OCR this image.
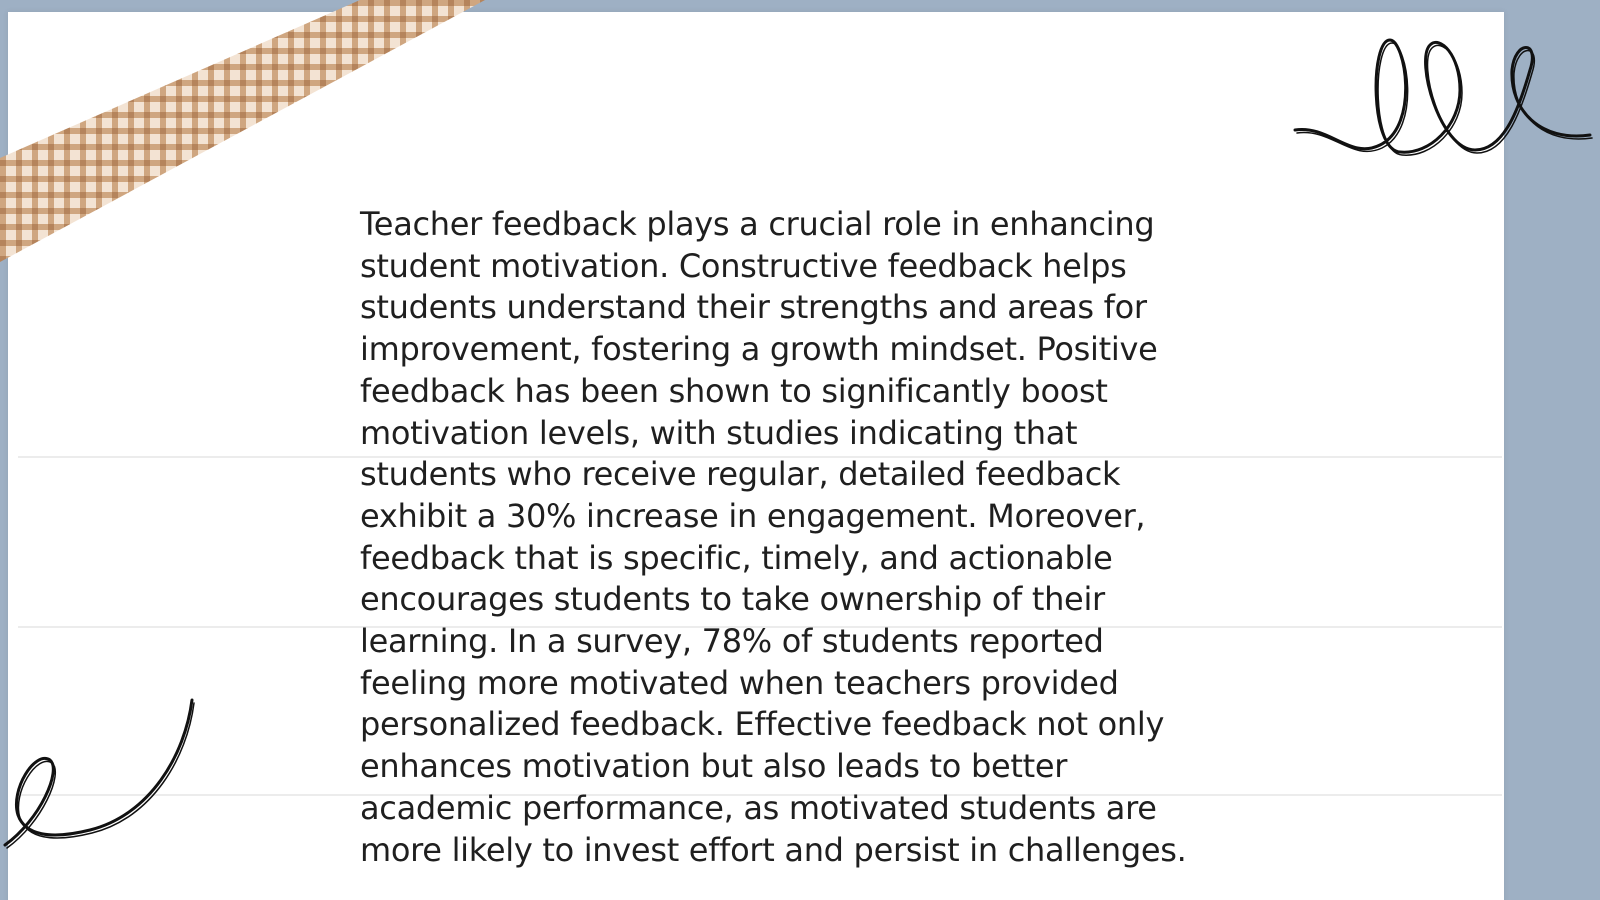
Teacher feedback plays a crucial role in enhancing
student motivation. Constructive feedback helps
students understand their strengths and areas for
improvement, fostering a growth mindset. Positive
feedback has been shown to significantly boost
motivation levels, with studies indicating that
students who receive regular, detailed feedback
exhibit a 30% increase in engagement. Moreover,
feedback that is specific, timely, and actionable
encourages students to take ownership of their
learning. In a survey, 78% of students reported
feeling more motivated when teachers provided
personalized feedback. Effective feedback not only
enhances motivation but also leads to better
academic performance, as motivated students are
more likely to invest effort and persist in challenges.
